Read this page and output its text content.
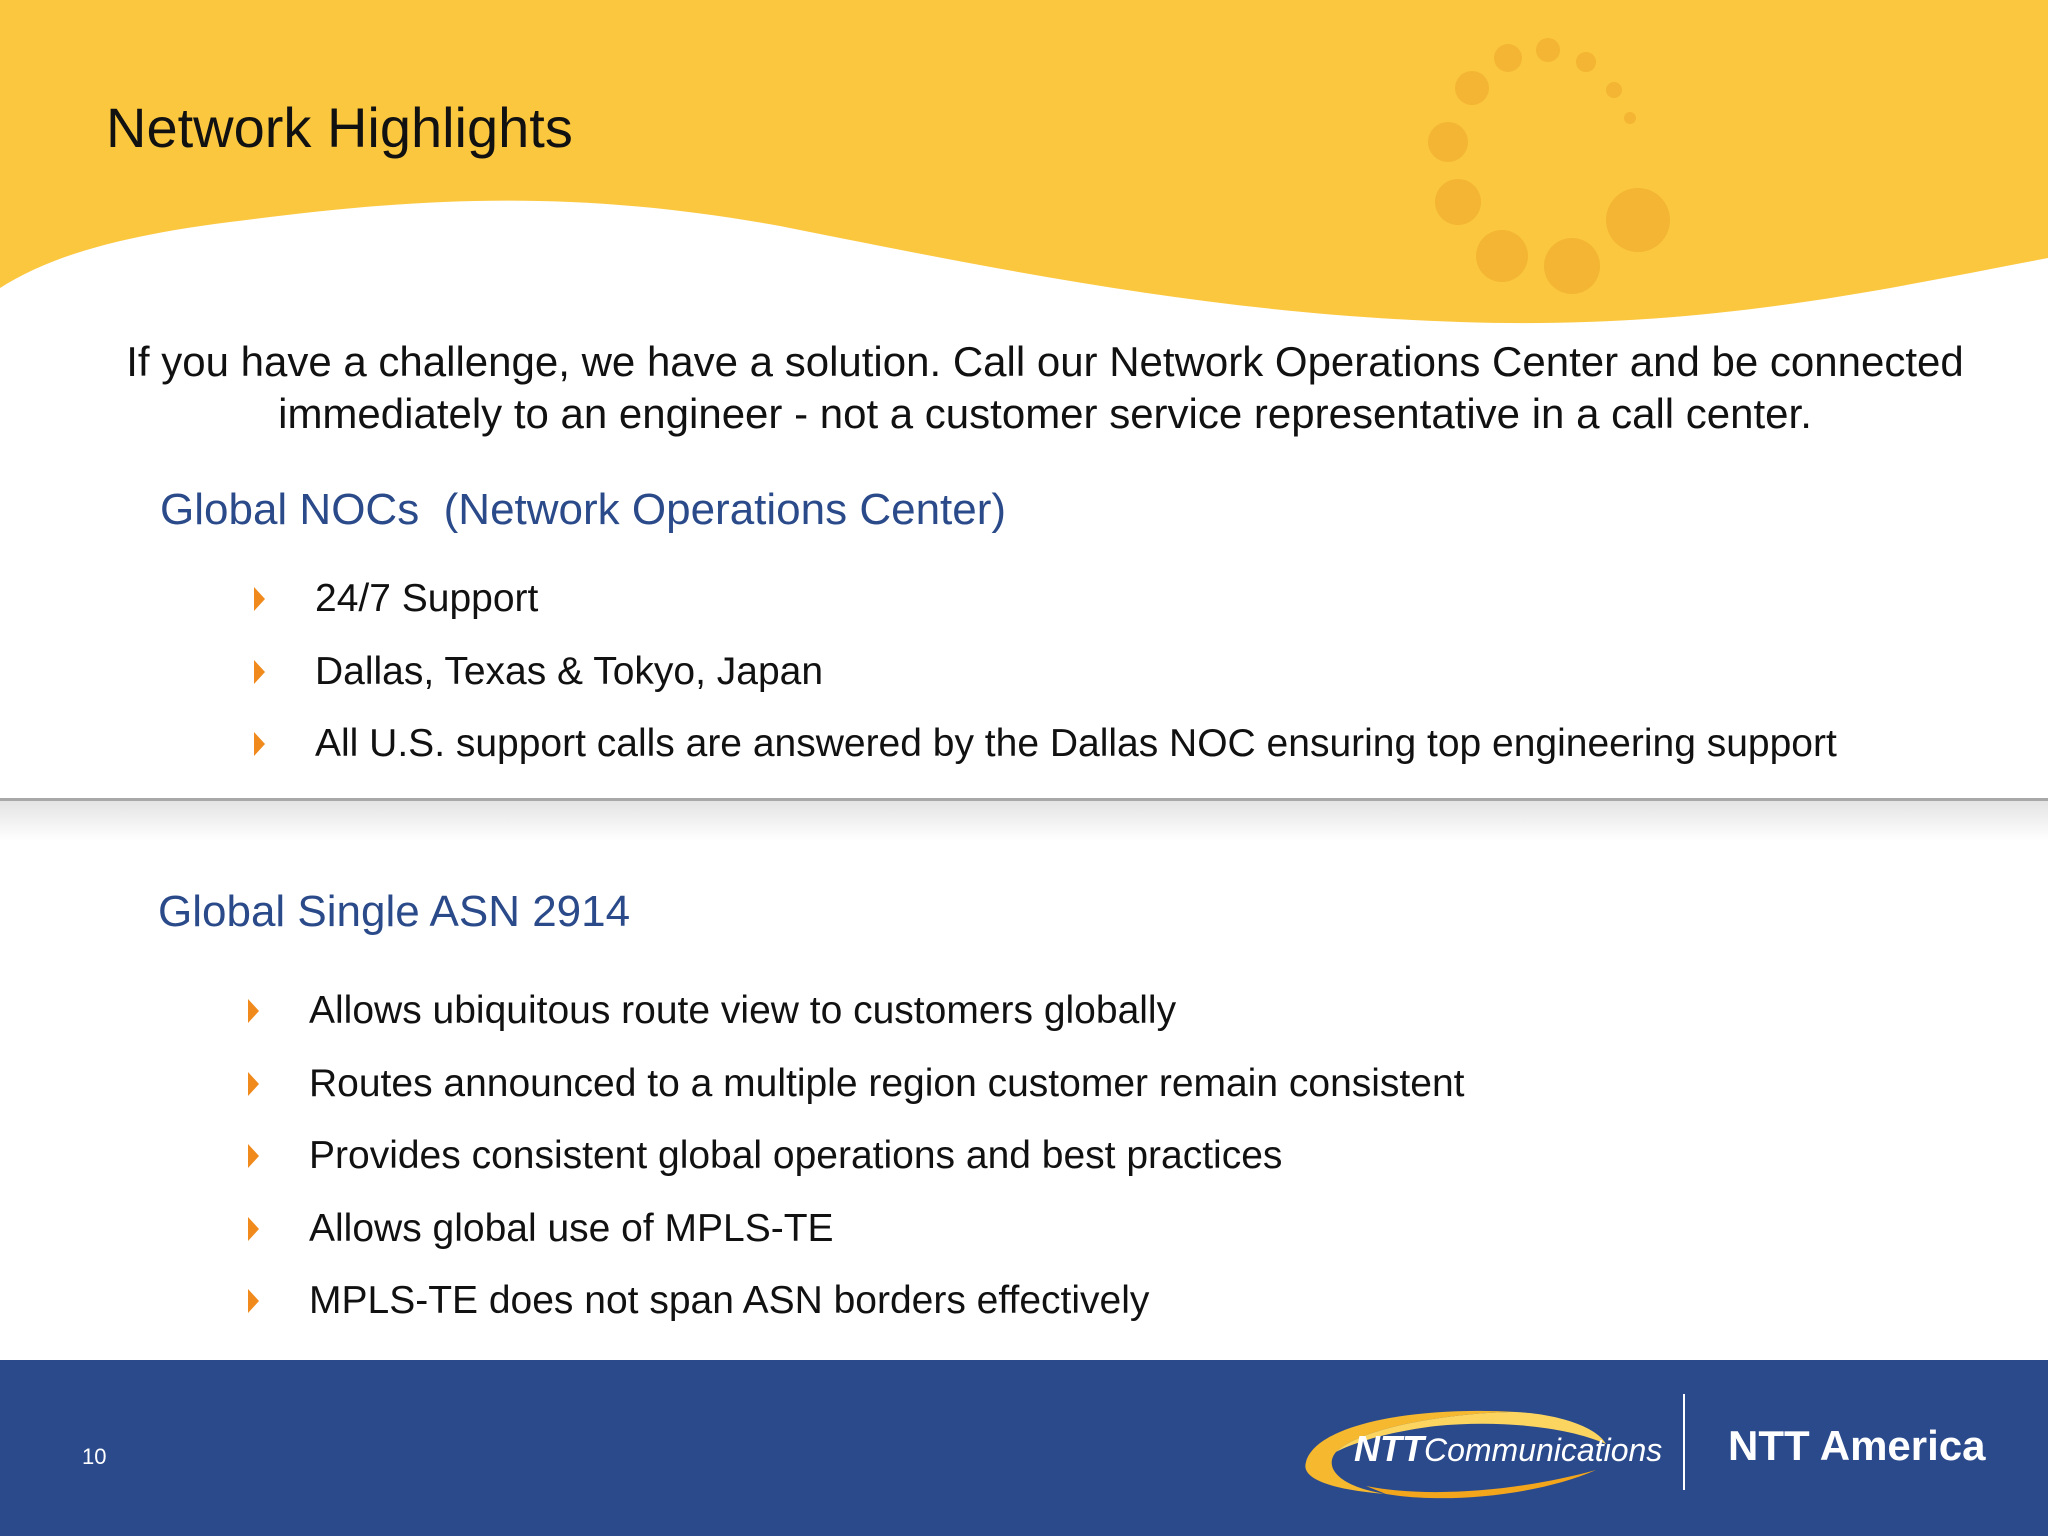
Network Highlights

If you have a challenge, we have a solution. Call our Network Operations Center and be connected immediately to an engineer - not a customer service representative in a call center.

Global NOCs  (Network Operations Center)
24/7 Support
Dallas, Texas & Tokyo, Japan
All U.S. support calls are answered by the Dallas NOC ensuring top engineering support
Global Single ASN 2914
Allows ubiquitous route view to customers globally
Routes announced to a multiple region customer remain consistent
Provides consistent global operations and best practices
Allows global use of MPLS-TE
MPLS-TE does not span ASN borders effectively
10	NTTCommunications NTT America
